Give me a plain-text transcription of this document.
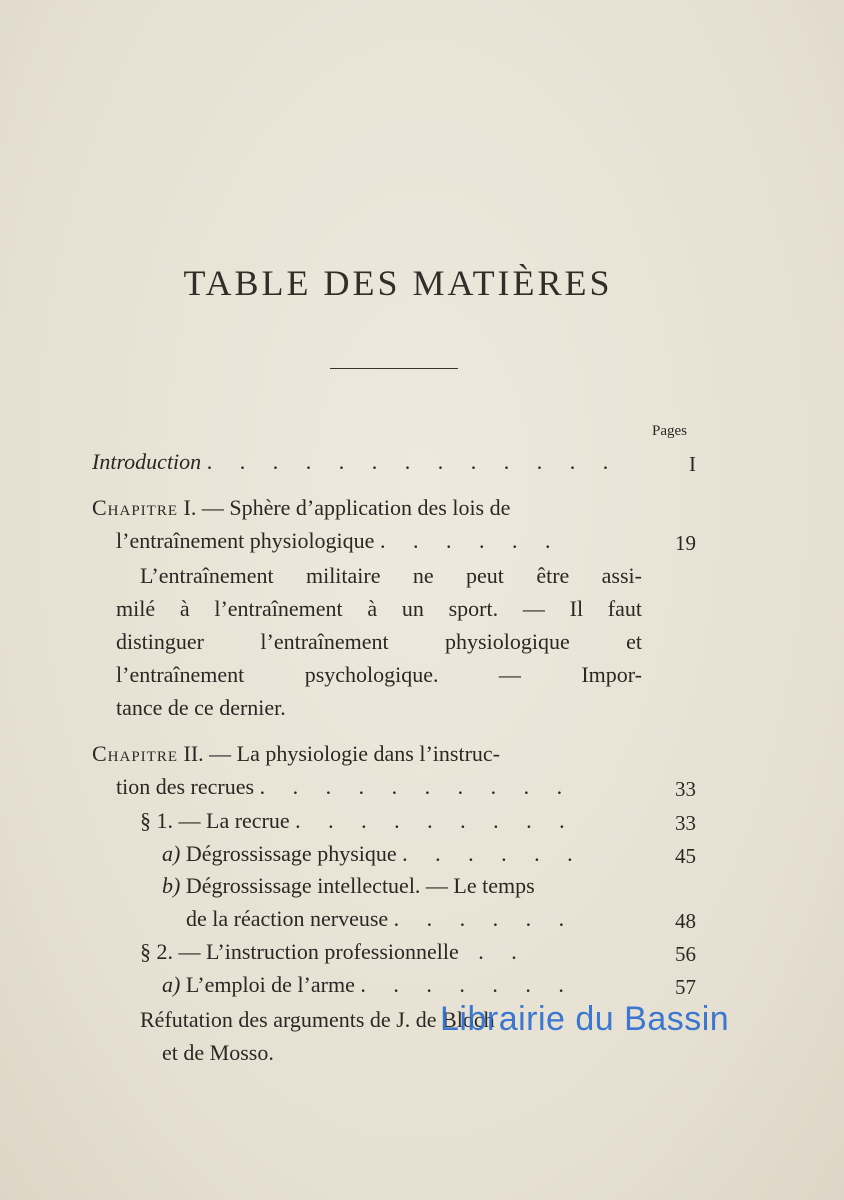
TABLE DES MATIÈRES
Pages
Introduction . . . . . . . . . . . . .	I
Chapitre I. — Sphère d’application des lois de
l’entraînement physiologique . . . . . .	19
L’entraînement militaire ne peut être assi-
milé à l’entraînement à un sport. — Il faut
distinguer l’entraînement physiologique et
l’entraînement psychologique. — Impor-
tance de ce dernier.
Chapitre II. — La physiologie dans l’instruc-
tion des recrues . . . . . . . . . .	33
§ 1. — La recrue . . . . . . . . .	33
a) Dégrossissage physique . . . . . .	45
b) Dégrossissage intellectuel. — Le temps
de la réaction nerveuse . . . . . .	48
§ 2. — L’instruction professionnelle . .	56
a) L’emploi de l’arme . . . . . . .	57
Réfutation des arguments de J. de Bloch
et de Mosso.
Librairie du Bassin
